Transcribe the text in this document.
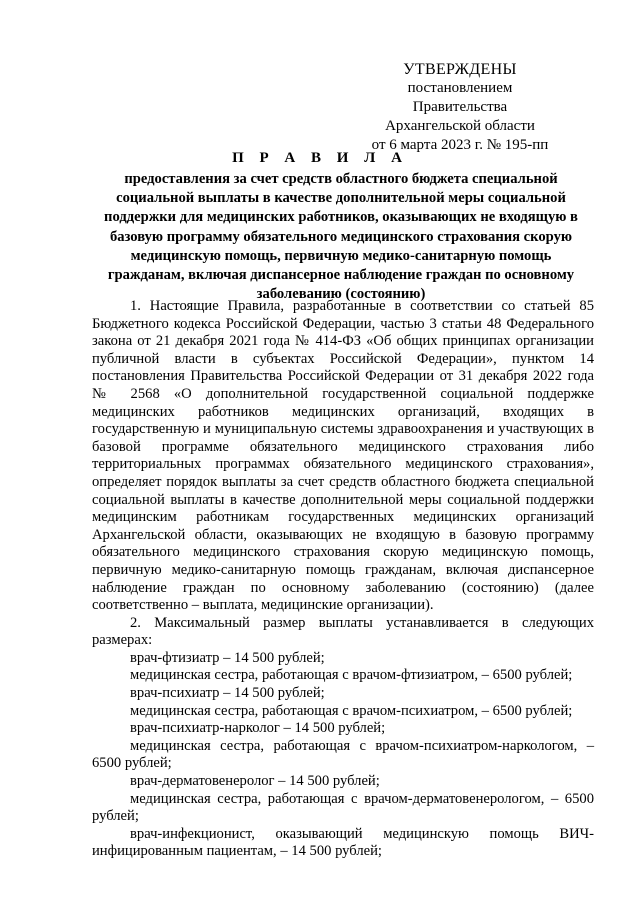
УТВЕРЖДЕНЫ
постановлением Правительства
Архангельской области
от 6 марта 2023 г. № 195-пп
П Р А В И Л А
предоставления за счет средств областного бюджета специальной социальной выплаты в качестве дополнительной меры социальной поддержки для медицинских работников, оказывающих не входящую в базовую программу обязательного медицинского страхования скорую медицинскую помощь, первичную медико-санитарную помощь гражданам, включая диспансерное наблюдение граждан по основному заболеванию (состоянию)

1. Настоящие Правила, разработанные в соответствии со статьей 85 Бюджетного кодекса Российской Федерации, частью 3 статьи 48 Федерального закона от 21 декабря 2021 года № 414-ФЗ «Об общих принципах организации публичной власти в субъектах Российской Федерации», пунктом 14 постановления Правительства Российской Федерации от 31 декабря 2022 года № 2568 «О дополнительной государственной социальной поддержке медицинских работников медицинских организаций, входящих в государственную и муниципальную системы здравоохранения и участвующих в базовой программе обязательного медицинского страхования либо территориальных программах обязательного медицинского страхования», определяет порядок выплаты за счет средств областного бюджета специальной социальной выплаты в качестве дополнительной меры социальной поддержки медицинским работникам государственных медицинских организаций Архангельской области, оказывающих не входящую в базовую программу обязательного медицинского страхования скорую медицинскую помощь, первичную медико-санитарную помощь гражданам, включая диспансерное наблюдение граждан по основному заболеванию (состоянию) (далее соответственно – выплата, медицинские организации).

2. Максимальный размер выплаты устанавливается в следующих размерах:

врач-фтизиатр – 14 500 рублей;

медицинская сестра, работающая с врачом-фтизиатром, – 6500 рублей;

врач-психиатр – 14 500 рублей;

медицинская сестра, работающая с врачом-психиатром, – 6500 рублей;

врач-психиатр-нарколог – 14 500 рублей;

медицинская сестра, работающая с врачом-психиатром-наркологом, – 6500 рублей;

врач-дерматовенеролог – 14 500 рублей;

медицинская сестра, работающая с врачом-дерматовенерологом, – 6500 рублей;

врач-инфекционист, оказывающий медицинскую помощь ВИЧ-инфицированным пациентам, – 14 500 рублей;
